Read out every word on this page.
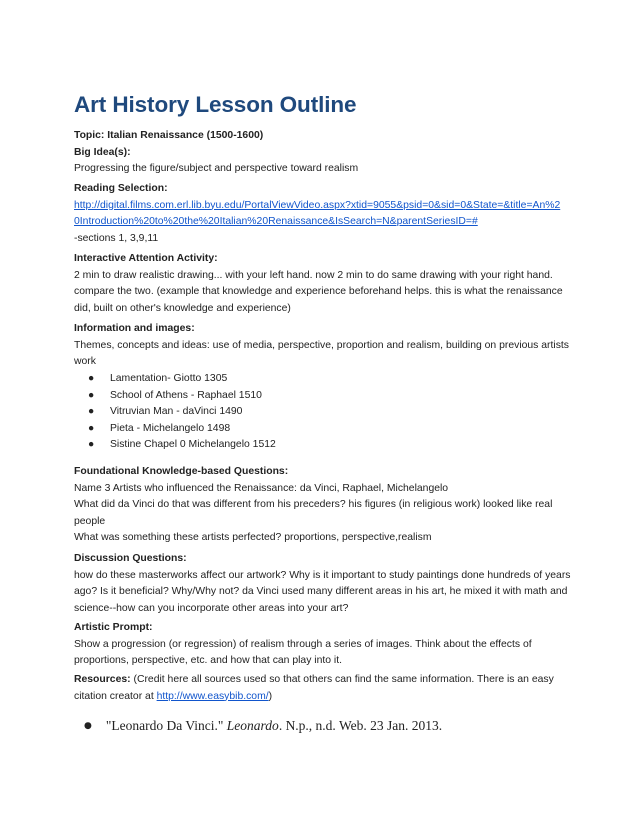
Art History Lesson Outline
Topic: Italian Renaissance (1500-1600)
Big Idea(s):
Progressing the figure/subject and perspective toward realism
Reading Selection:
http://digital.films.com.erl.lib.byu.edu/PortalViewVideo.aspx?xtid=9055&psid=0&sid=0&State=&title=An%2
0Introduction%20to%20the%20Italian%20Renaissance&IsSearch=N&parentSeriesID=#
-sections 1, 3,9,11
Interactive Attention Activity:
2 min to draw realistic drawing... with your left hand. now 2 min to do same drawing with your right hand. compare the two. (example that knowledge and experience beforehand helps. this is what the renaissance did, built on other's knowledge and experience)
Information and images:
Themes, concepts and ideas: use of media, perspective, proportion and realism, building on previous artists work
● Lamentation- Giotto 1305
● School of Athens - Raphael 1510
● Vitruvian Man - daVinci 1490
● Pieta - Michelangelo 1498
● Sistine Chapel 0 Michelangelo 1512
Foundational Knowledge-based Questions:
Name 3 Artists who influenced the Renaissance: da Vinci, Raphael, Michelangelo
What did da Vinci do that was different from his preceders? his figures (in religious work) looked like real people
What was something these artists perfected? proportions, perspective,realism
Discussion Questions:
how do these masterworks affect our artwork? Why is it important to study paintings done hundreds of years ago? Is it beneficial? Why/Why not? da Vinci used many different areas in his art, he mixed it with math and science--how can you incorporate other areas into your art?
Artistic Prompt:
Show a progression (or regression) of realism through a series of images. Think about the effects of proportions, perspective, etc. and how that can play into it.
Resources: (Credit here all sources used so that others can find the same information. There is an easy citation creator at http://www.easybib.com/)
● "Leonardo Da Vinci." Leonardo. N.p., n.d. Web. 23 Jan. 2013.
